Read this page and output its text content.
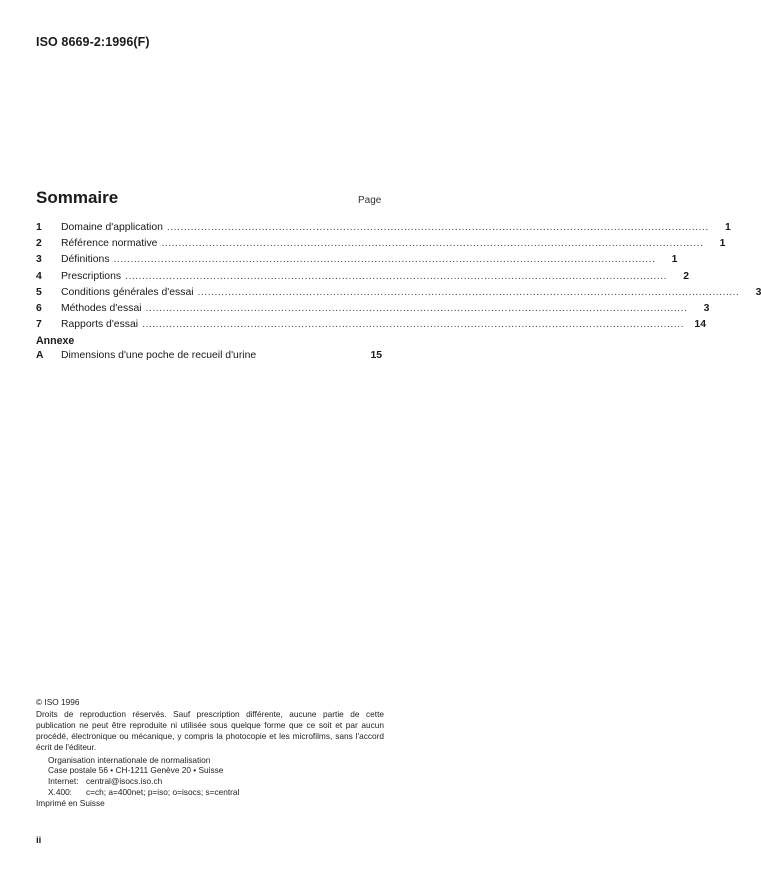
ISO 8669-2:1996(F)
Sommaire	Page
1	Domaine d'application ................................................................................................................................................................	1
2	Référence normative ................................................................................................................................................................	1
3	Définitions ................................................................................................................................................................	1
4	Prescriptions ................................................................................................................................................................	2
5	Conditions générales d'essai ................................................................................................................................................................	3
6	Méthodes d'essai ................................................................................................................................................................	3
7	Rapports d'essai ................................................................................................................................................................	14
Annexe
A	Dimensions d'une poche de recueil d'urine	15

© ISO 1996

Droits de reproduction réservés. Sauf prescription différente, aucune partie de cette publication ne peut être reproduite ni utilisée sous quelque forme que ce soit et par aucun procédé, électronique ou mécanique, y compris la photocopie et les microfilms, sans l'accord écrit de l'éditeur.

Organisation internationale de normalisation

Case postale 56 • CH-1211 Genève 20 • Suisse

Internet: central@isocs.iso.ch
X.400:	c=ch; a=400net; p=iso; o=isocs; s=central

Imprimé en Suisse

ii
